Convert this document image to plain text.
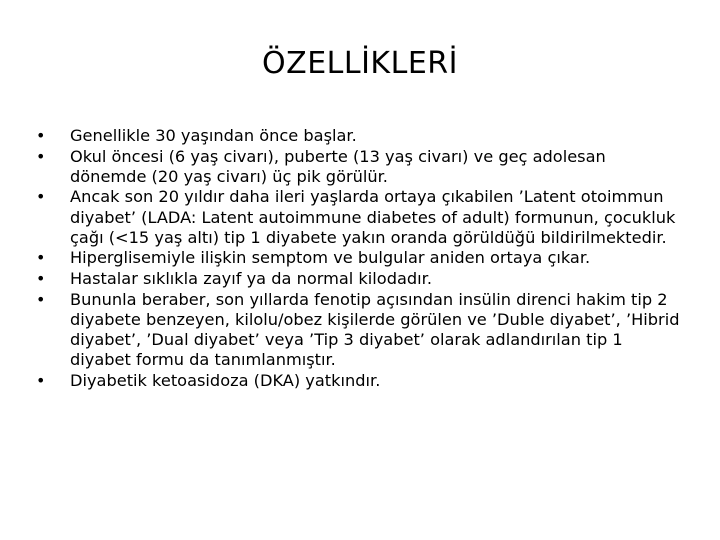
ÖZELLİKLERİ
• Genellikle 30 yaşından önce başlar.
• Okul öncesi (6 yaş civarı), puberte (13 yaş civarı) ve geç adolesan dönemde (20 yaş civarı) üç pik görülür.
• Ancak son 20 yıldır daha ileri yaşlarda ortaya çıkabilen ’Latent otoimmun diyabet’ (LADA: Latent autoimmune diabetes of adult) formunun, çocukluk çağı (<15 yaş altı) tip 1 diyabete yakın oranda görüldüğü bildirilmektedir.
• Hiperglisemiyle ilişkin semptom ve bulgular aniden ortaya çıkar.
• Hastalar sıklıkla zayıf ya da normal kilodadır.
• Bununla beraber, son yıllarda fenotip açısından insülin direnci hakim tip 2 diyabete benzeyen, kilolu/obez kişilerde görülen ve ’Duble diyabet’, ’Hibrid diyabet’, ’Dual diyabet’ veya ’Tip 3 diyabet’ olarak adlandırılan tip 1 diyabet formu da tanımlanmıştır.
• Diyabetik ketoasidoza (DKA) yatkındır.
